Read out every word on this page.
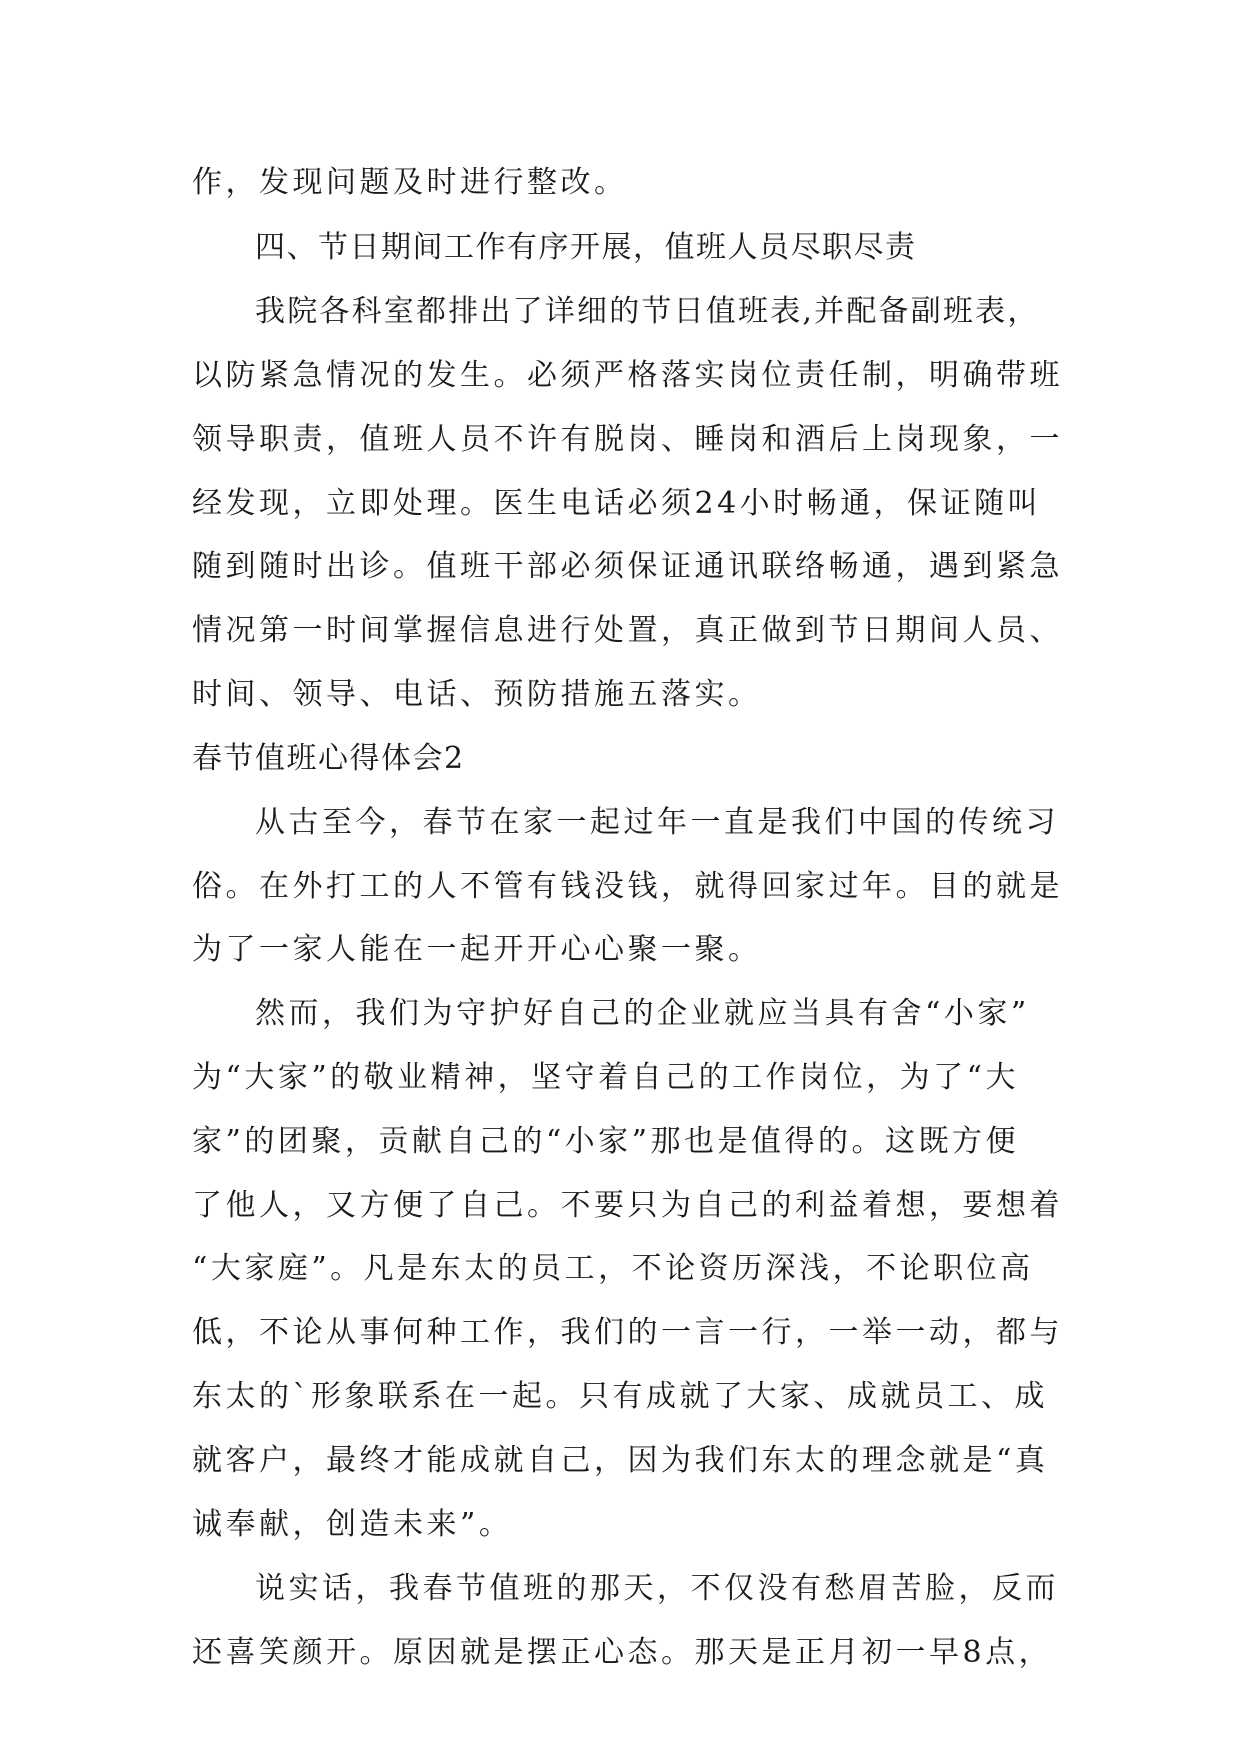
作，发现问题及时进行整改。
四、节日期间工作有序开展，值班人员尽职尽责
我院各科室都排出了详细的节日值班表,并配备副班表，
以防紧急情况的发生。必须严格落实岗位责任制，明确带班
领导职责，值班人员不许有脱岗、睡岗和酒后上岗现象，一
经发现，立即处理。医生电话必须24小时畅通，保证随叫
随到随时出诊。值班干部必须保证通讯联络畅通，遇到紧急
情况第一时间掌握信息进行处置，真正做到节日期间人员、
时间、领导、电话、预防措施五落实。
春节值班心得体会2
从古至今，春节在家一起过年一直是我们中国的传统习
俗。在外打工的人不管有钱没钱，就得回家过年。目的就是
为了一家人能在一起开开心心聚一聚。
然而，我们为守护好自己的企业就应当具有舍“小家”
为“大家”的敬业精神，坚守着自己的工作岗位，为了“大
家”的团聚，贡献自己的“小家”那也是值得的。这既方便
了他人，又方便了自己。不要只为自己的利益着想，要想着
“大家庭”。凡是东太的员工，不论资历深浅，不论职位高
低，不论从事何种工作，我们的一言一行，一举一动，都与
东太的`形象联系在一起。只有成就了大家、成就员工、成
就客户，最终才能成就自己，因为我们东太的理念就是“真
诚奉献，创造未来”。
说实话，我春节值班的那天，不仅没有愁眉苦脸，反而
还喜笑颜开。原因就是摆正心态。那天是正月初一早8点，
